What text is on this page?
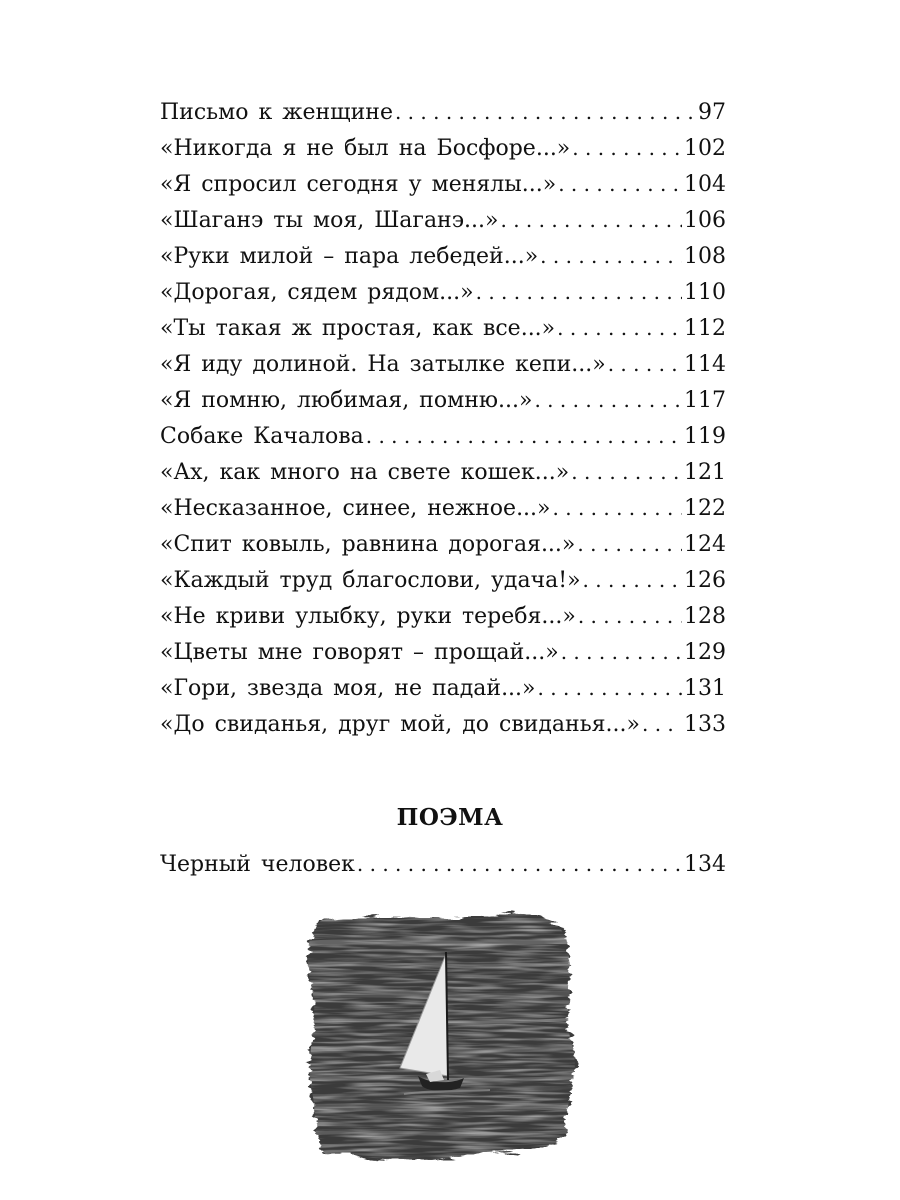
Письмо к женщине . . .	97
«Никогда я не был на Босфоре...» . . .	102
«Я спросил сегодня у менялы...» . . .	104
«Шаганэ ты моя, Шаганэ...» . . .	106
«Руки милой – пара лебедей...» . . .	108
«Дорогая, сядем рядом...» . . .	110
«Ты такая ж простая, как все...» . . .	112
«Я иду долиной. На затылке кепи...» . . .	114
«Я помню, любимая, помню...» . . .	117
Собаке Качалова . . .	119
«Ах, как много на свете кошек...» . . .	121
«Несказанное, синее, нежное...» . . .	122
«Спит ковыль, равнина дорогая...» . . .	124
«Каждый труд благослови, удача!» . . .	126
«Не криви улыбку, руки теребя...» . . .	128
«Цветы мне говорят – прощай...» . . .	129
«Гори, звезда моя, не падай...» . . .	131
«До свиданья, друг мой, до свиданья...» . . . 133
ПОЭМА
Черный человек . . .	134
